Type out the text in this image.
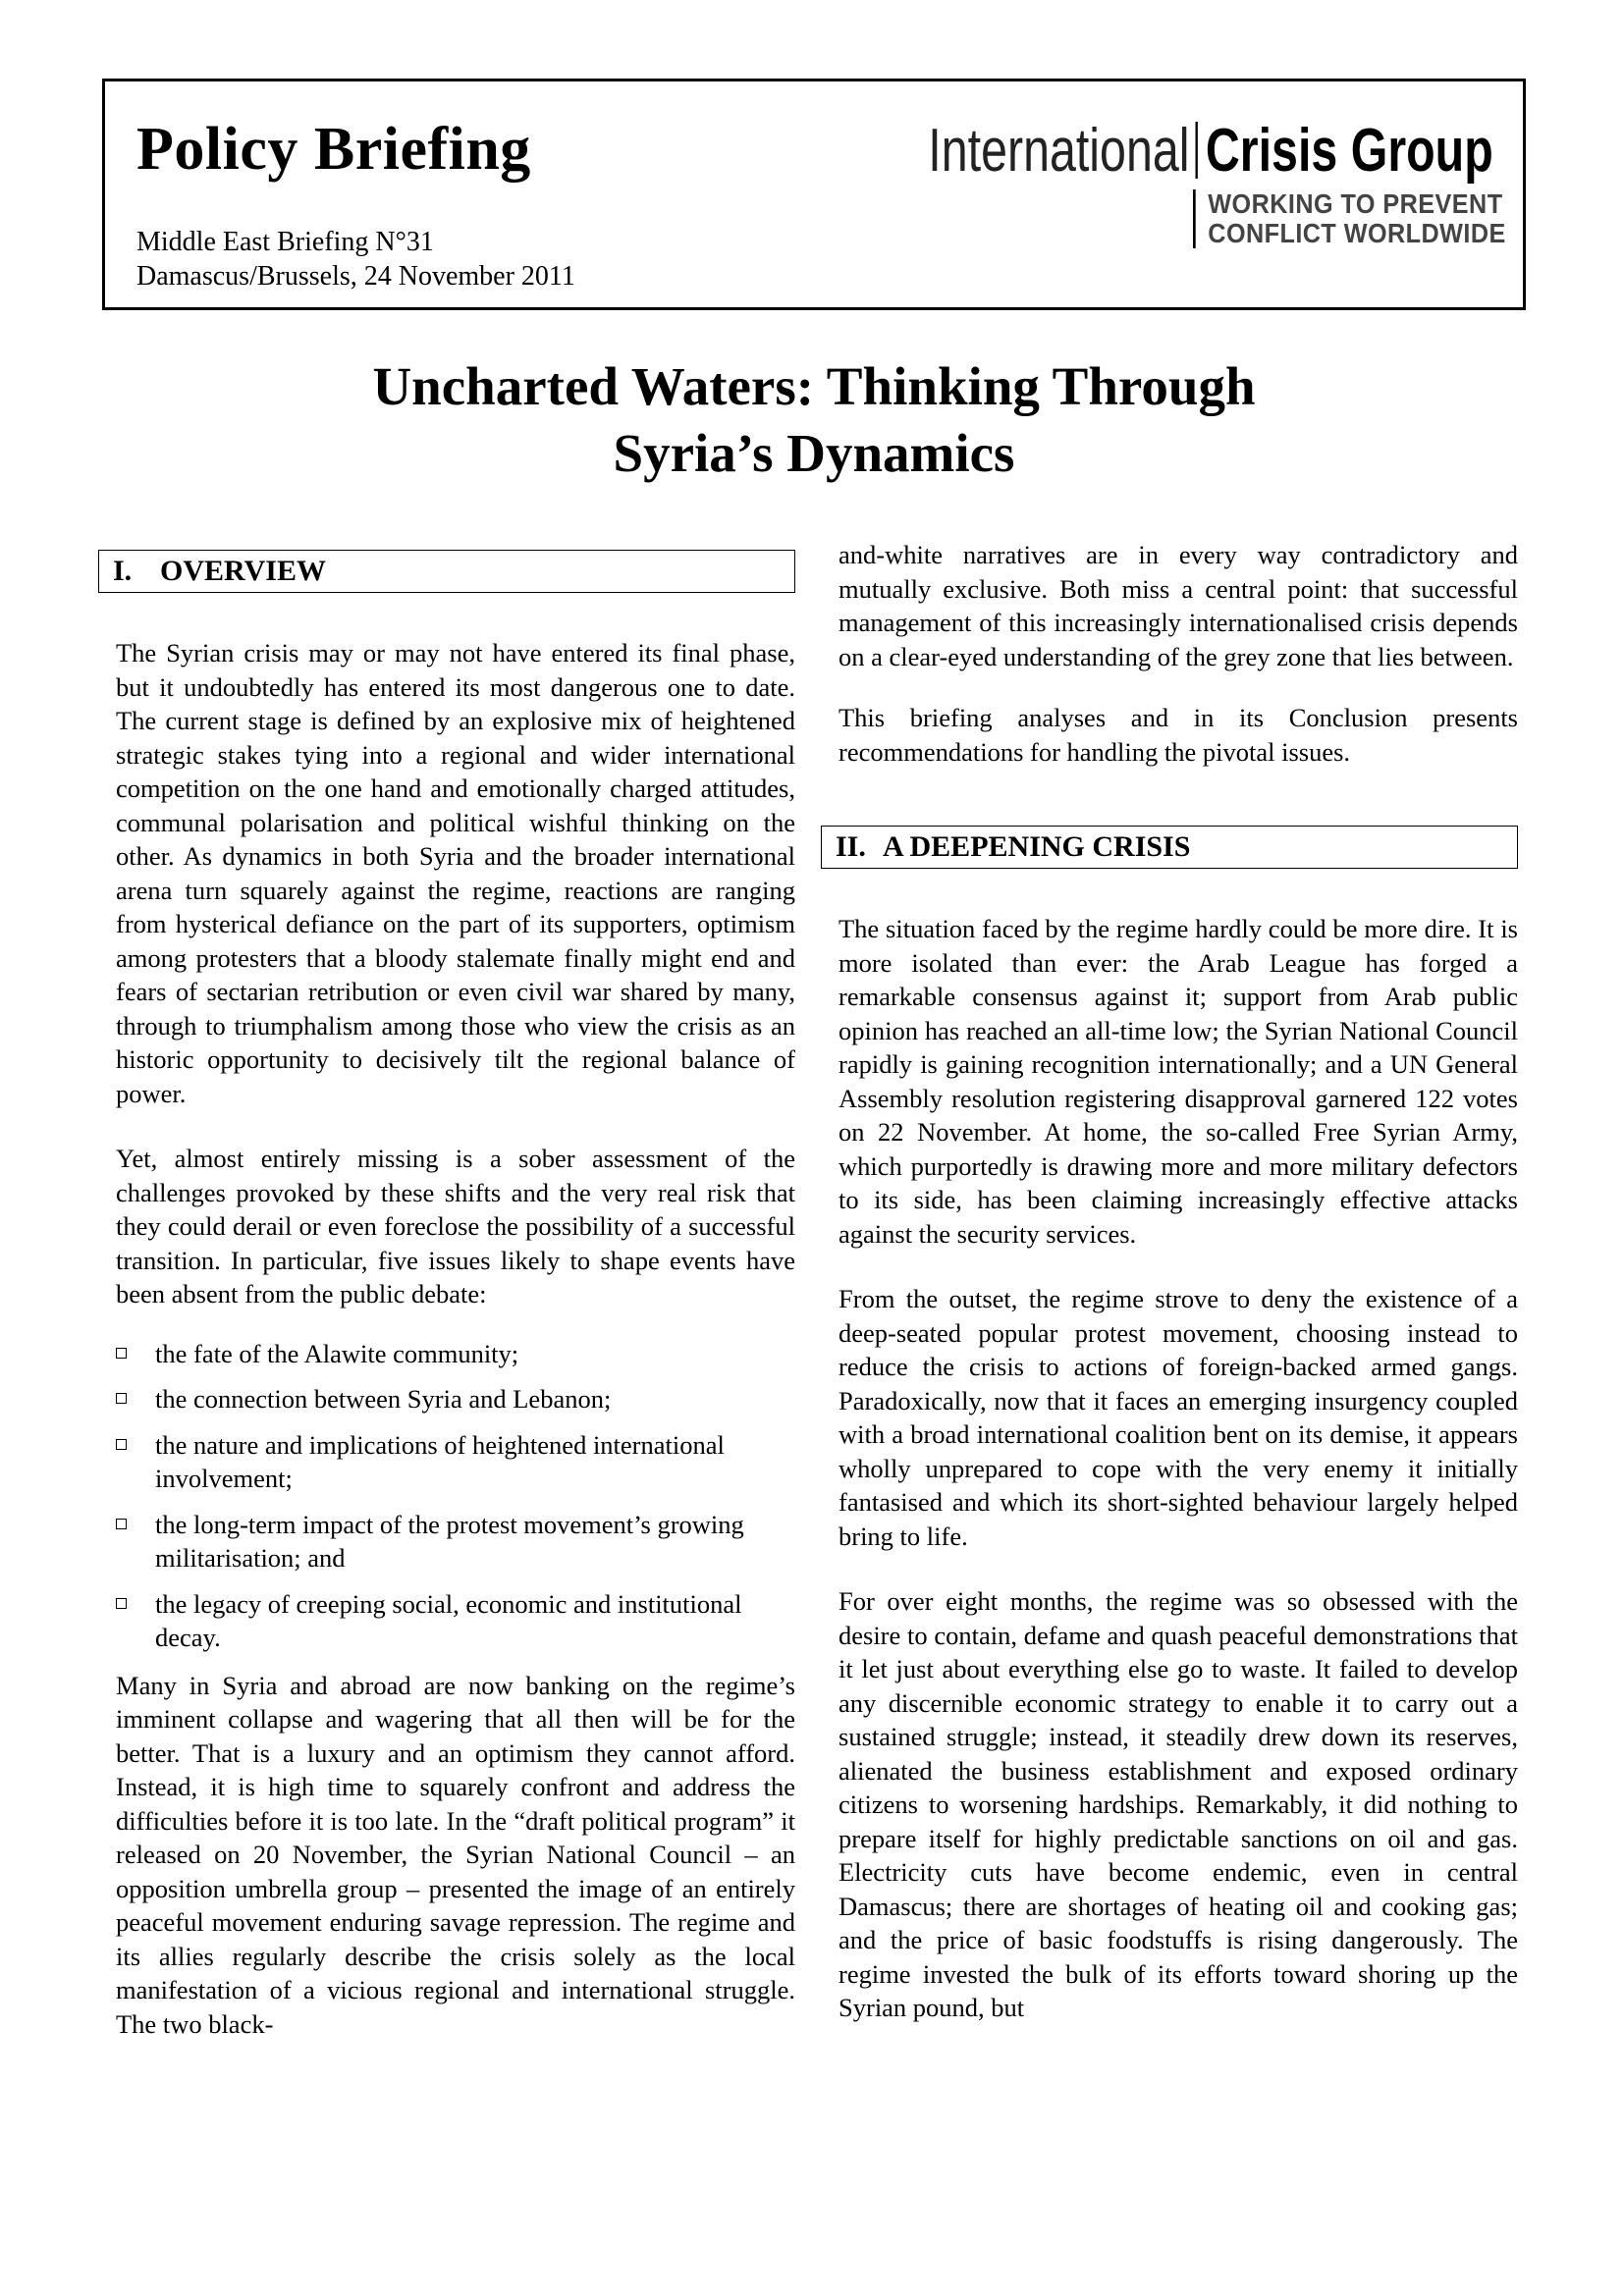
Policy Briefing
Middle East Briefing N°31
Damascus/Brussels, 24 November 2011
International Crisis Group
WORKING TO PREVENT
CONFLICT WORLDWIDE
Uncharted Waters: Thinking Through
Syria’s Dynamics
I. OVERVIEW

The Syrian crisis may or may not have entered its final phase, but it undoubtedly has entered its most dangerous one to date. The current stage is defined by an explosive mix of heightened strategic stakes tying into a regional and wider international competition on the one hand and emotionally charged attitudes, communal polarisation and political wishful thinking on the other. As dynamics in both Syria and the broader international arena turn squarely against the regime, reactions are ranging from hysterical defiance on the part of its supporters, optimism among protesters that a bloody stalemate finally might end and fears of sectarian retribution or even civil war shared by many, through to triumphalism among those who view the crisis as an historic opportunity to decisively tilt the regional balance of power.

Yet, almost entirely missing is a sober assessment of the challenges provoked by these shifts and the very real risk that they could derail or even foreclose the possibility of a successful transition. In particular, five issues likely to shape events have been absent from the public debate:

the fate of the Alawite community;
the connection between Syria and Lebanon;
the nature and implications of heightened international involvement;
the long-term impact of the protest movement’s growing militarisation; and
the legacy of creeping social, economic and institutional decay.

Many in Syria and abroad are now banking on the regime’s imminent collapse and wagering that all then will be for the better. That is a luxury and an optimism they cannot afford. Instead, it is high time to squarely confront and address the difficulties before it is too late. In the “draft political program” it released on 20 November, the Syrian National Council – an opposition umbrella group – presented the image of an entirely peaceful movement enduring savage repression. The regime and its allies regularly describe the crisis solely as the local manifestation of a vicious regional and international struggle. The two black-

and-white narratives are in every way contradictory and mutually exclusive. Both miss a central point: that successful management of this increasingly internationalised crisis depends on a clear-eyed understanding of the grey zone that lies between.

This briefing analyses and in its Conclusion presents recommendations for handling the pivotal issues.

II. A DEEPENING CRISIS

The situation faced by the regime hardly could be more dire. It is more isolated than ever: the Arab League has forged a remarkable consensus against it; support from Arab public opinion has reached an all-time low; the Syrian National Council rapidly is gaining recognition internationally; and a UN General Assembly resolution registering disapproval garnered 122 votes on 22 November. At home, the so-called Free Syrian Army, which purportedly is drawing more and more military defectors to its side, has been claiming increasingly effective attacks against the security services.

From the outset, the regime strove to deny the existence of a deep-seated popular protest movement, choosing instead to reduce the crisis to actions of foreign-backed armed gangs. Paradoxically, now that it faces an emerging insurgency coupled with a broad international coalition bent on its demise, it appears wholly unprepared to cope with the very enemy it initially fantasised and which its short-sighted behaviour largely helped bring to life.

For over eight months, the regime was so obsessed with the desire to contain, defame and quash peaceful demonstrations that it let just about everything else go to waste. It failed to develop any discernible economic strategy to enable it to carry out a sustained struggle; instead, it steadily drew down its reserves, alienated the business establishment and exposed ordinary citizens to worsening hardships. Remarkably, it did nothing to prepare itself for highly predictable sanctions on oil and gas. Electricity cuts have become endemic, even in central Damascus; there are shortages of heating oil and cooking gas; and the price of basic foodstuffs is rising dangerously. The regime invested the bulk of its efforts toward shoring up the Syrian pound, but
